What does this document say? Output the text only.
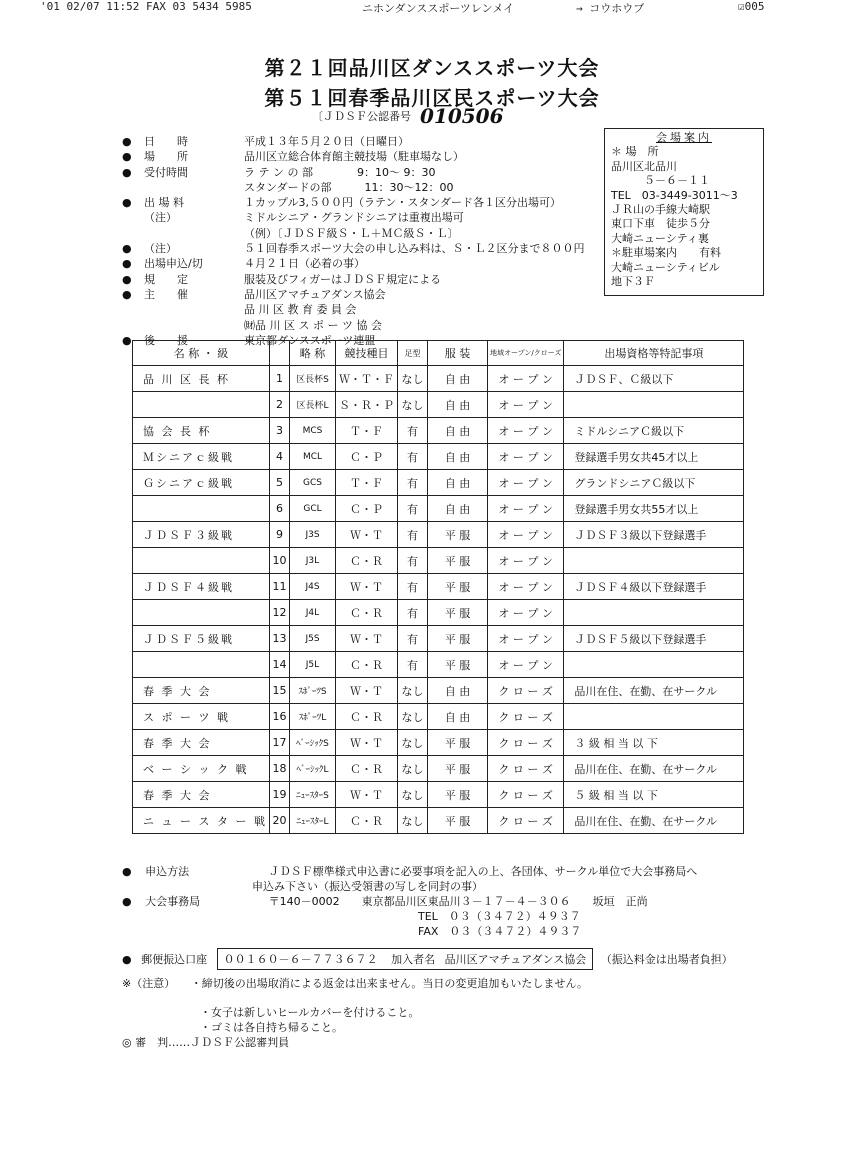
'01 02/07 11:52 FAX 03 5434 5985	ニホンダンススポーツレンメイ	→ コウホウブ	☑005
第２１回品川区ダンススポーツ大会
第５１回春季品川区民スポーツ大会
〔ＪＤＳＦ公認番号 010506
● 日　　時	平成１３年５月２０日（日曜日）
● 場　　所	品川区立総合体育館主競技場（駐車場なし）
● 受付時間	ラ テ ン の 部　　　　9：10～ 9：30
スタンダードの部　　　11：30～12：00
● 出 場 料	１カップル3,５００円（ラテン・スタンダード各１区分出場可）
（注）	ミドルシニア・グランドシニアは重複出場可
（例）〔ＪＤＳＦ級Ｓ・Ｌ＋ＭＣ級Ｓ・Ｌ〕
● （注）	５１回春季スポーツ大会の申し込み料は、Ｓ・Ｌ２区分まで８００円
● 出場申込/切	４月２１日（必着の事）
● 規　　定	服装及びフィガーはＪＤＳＦ規定による
● 主　　催	品川区アマチュアダンス協会
品 川 区 教 育 委 員 会
㈶品 川 区 ス ポ ー ツ 協 会
● 後　　援	東京都ダンススポーツ連盟
会場案内
＊ 場　所
品川区北品川
　　　５－６－１１
TEL　03-3449-3011～3
ＪＲ山の手線大崎駅
東口下車　徒歩５分
大崎ニューシティ裏
＊駐車場案内　　有料
大崎ニューシティビル
地下３Ｆ
名 称 ・ 級		略 称	競技種目	足型	服 装	地域オープン/クローズ	出場資格等特記事項
品 川 区 長 杯	1	区長杯S	Ｗ・Ｔ・Ｆ	なし	自 由	オ ー プ ン	ＪＤＳＦ、Ｃ級以下
	2	区長杯L	Ｓ・Ｒ・Ｐ	なし	自 由	オ ー プ ン	
協 会 長 杯	3	MCS	Ｔ・Ｆ	有	自 由	オ ー プ ン	ミドルシニアＣ級以下
Ｍシニアｃ級戦	4	MCL	Ｃ・Ｐ	有	自 由	オ ー プ ン	登録選手男女共45才以上
Ｇシニアｃ級戦	5	GCS	Ｔ・Ｆ	有	自 由	オ ー プ ン	グランドシニアＣ級以下
	6	GCL	Ｃ・Ｐ	有	自 由	オ ー プ ン	登録選手男女共55才以上
ＪＤＳＦ３級戦	9	J3S	Ｗ・Ｔ	有	平 服	オ ー プ ン	ＪＤＳＦ３級以下登録選手
	10	J3L	Ｃ・Ｒ	有	平 服	オ ー プ ン	
ＪＤＳＦ４級戦	11	J4S	Ｗ・Ｔ	有	平 服	オ ー プ ン	ＪＤＳＦ４級以下登録選手
	12	J4L	Ｃ・Ｒ	有	平 服	オ ー プ ン	
ＪＤＳＦ５級戦	13	J5S	Ｗ・Ｔ	有	平 服	オ ー プ ン	ＪＤＳＦ５級以下登録選手
	14	J5L	Ｃ・Ｒ	有	平 服	オ ー プ ン	
春 季 大 会	15	ｽﾎﾟｰﾂS	Ｗ・Ｔ	なし	自 由	ク ロ ー ズ	品川在住、在勤、在サークル
ス ポ ー ツ 戦	16	ｽﾎﾟｰﾂL	Ｃ・Ｒ	なし	自 由	ク ロ ー ズ	
春 季 大 会	17	ﾍﾞｰｼｯｸS	Ｗ・Ｔ	なし	平 服	ク ロ ー ズ	３ 級 相 当 以 下
ベ ー シ ッ ク 戦	18	ﾍﾞｰｼｯｸL	Ｃ・Ｒ	なし	平 服	ク ロ ー ズ	品川在住、在勤、在サークル
春 季 大 会	19	ﾆｭｰｽﾀｰS	Ｗ・Ｔ	なし	平 服	ク ロ ー ズ	５ 級 相 当 以 下
ニ ュ ー ス タ ー 戦	20	ﾆｭｰｽﾀｰL	Ｃ・Ｒ	なし	平 服	ク ロ ー ズ	品川在住、在勤、在サークル
● 申込方法	ＪＤＳＦ標準様式申込書に必要事項を記入の上、各団体、サークル単位で大会事務局へ
申込み下さい（振込受領書の写しを同封の事）
● 大会事務局	〒140－0002　　東京都品川区東品川３－１７－４－３０６　　坂垣　正尚
TEL　０３（３４７２）４９３７
FAX　０３（３４７２）４９３７
● 郵便振込口座 ００１６０－６－７７３６７２ 加入者名 品川区アマチュアダンス協会 （振込料金は出場者負担）
※（注意） ・締切後の出場取消による返金は出来ません。当日の変更追加もいたしません。
・女子は新しいヒールカバーを付けること。
・ゴミは各自持ち帰ること。
◎ 審　判……ＪＤＳＦ公認審判員
